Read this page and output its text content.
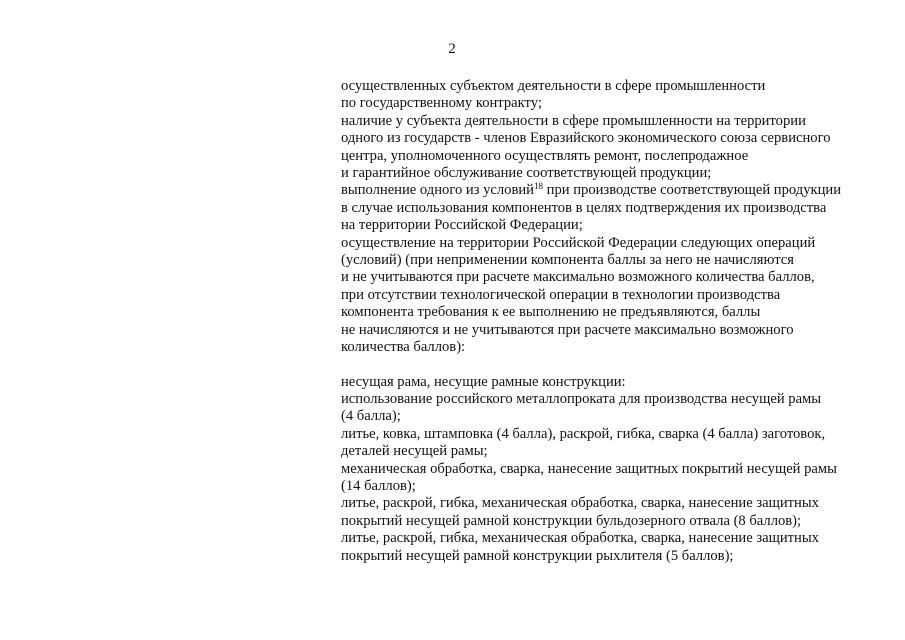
2
осуществленных субъектом деятельности в сфере промышленности
по государственному контракту;
наличие у субъекта деятельности в сфере промышленности на территории
одного из государств - членов Евразийского экономического союза сервисного
центра, уполномоченного осуществлять ремонт, послепродажное
и гарантийное обслуживание соответствующей продукции;
выполнение одного из условий$^{18}$ при производстве соответствующей продукции
в случае использования компонентов в целях подтверждения их производства
на территории Российской Федерации;
осуществление на территории Российской Федерации следующих операций
(условий) (при неприменении компонента баллы за него не начисляются
и не учитываются при расчете максимально возможного количества баллов,
при отсутствии технологической операции в технологии производства
компонента требования к ее выполнению не предъявляются, баллы
не начисляются и не учитываются при расчете максимально возможного
количества баллов):
несущая рама, несущие рамные конструкции:
использование российского металлопроката для производства несущей рамы
(4 балла);
литье, ковка, штамповка (4 балла), раскрой, гибка, сварка (4 балла) заготовок,
деталей несущей рамы;
механическая обработка, сварка, нанесение защитных покрытий несущей рамы
(14 баллов);
литье, раскрой, гибка, механическая обработка, сварка, нанесение защитных
покрытий несущей рамной конструкции бульдозерного отвала (8 баллов);
литье, раскрой, гибка, механическая обработка, сварка, нанесение защитных
покрытий несущей рамной конструкции рыхлителя (5 баллов);
